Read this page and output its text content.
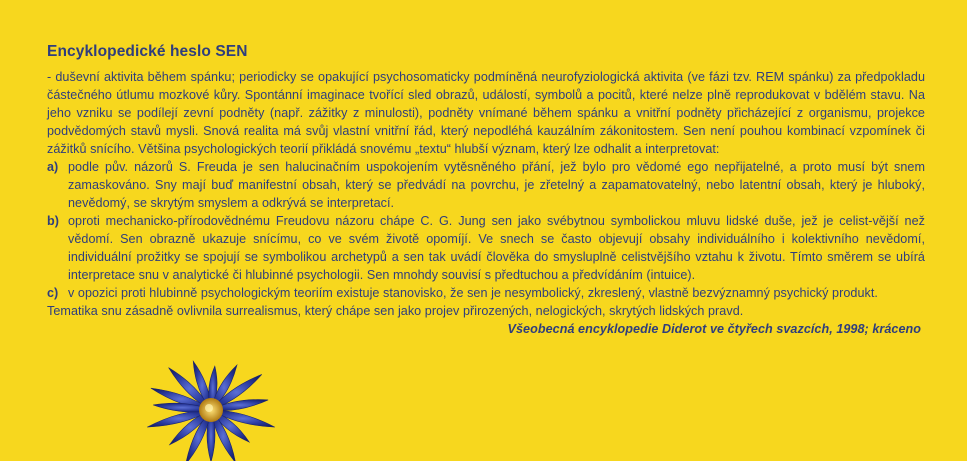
Encyklopedické heslo SEN
- duševní aktivita během spánku; periodicky se opakující psychosomaticky podmíněná neurofyziologická aktivita (ve fázi tzv. REM spánku) za předpokladu částečného útlumu mozkové kůry. Spontánní imaginace tvořící sled obrazů, událostí, symbolů a pocitů, které nelze plně reprodukovat v bdělém stavu. Na jeho vzniku se podílejí zevní podněty (např. zážitky z minulosti), podněty vnímané během spánku a vnitřní podněty přicházející z organismu, projekce podvědomých stavů mysli. Snová realita má svůj vlastní vnitřní řád, který nepodléhá kauzálním zákonitostem. Sen není pouhou kombinací vzpomínek či zážitků snícího. Většina psychologických teorií přikládá snovému „textu“ hlubší význam, který lze odhalit a interpretovat:
a) podle pův. názorů S. Freuda je sen halucinačním uspokojením vytěsněného přání, jež bylo pro vědomé ego nepřijatelné, a proto musí být snem zamaskováno. Sny mají buď manifestní obsah, který se předvádí na povrchu, je zřetelný a zapamatovatelný, nebo latentní obsah, který je hluboký, nevědomý, se skrytým smyslem a odkrývá se interpretací.
b) oproti mechanicko-přírodovědnému Freudovu názoru chápe C. G. Jung sen jako svébytnou symbolickou mluvu lidské duše, jež je celist-vější než vědomí. Sen obrazně ukazuje snícímu, co ve svém životě opomíjí. Ve snech se často objevují obsahy individuálního i kolektivního nevědomí, individuální prožitky se spojují se symbolikou archetypů a sen tak uvádí člověka do smysluplně celistvějšího vztahu k životu. Tímto směrem se ubírá interpretace snu v analytické či hlubinné psychologii. Sen mnohdy souvisí s předtuchou a předvídáním (intuice).
c) v opozici proti hlubinně psychologickým teoriím existuje stanovisko, že sen je nesymbolický, zkreslený, vlastně bezvýznamný psychický produkt.
Tematika snu zásadně ovlivnila surrealismus, který chápe sen jako projev přirozených, nelogických, skrytých lidských pravd.
Všeobecná encyklopedie Diderot ve čtyřech svazcích, 1998; kráceno
